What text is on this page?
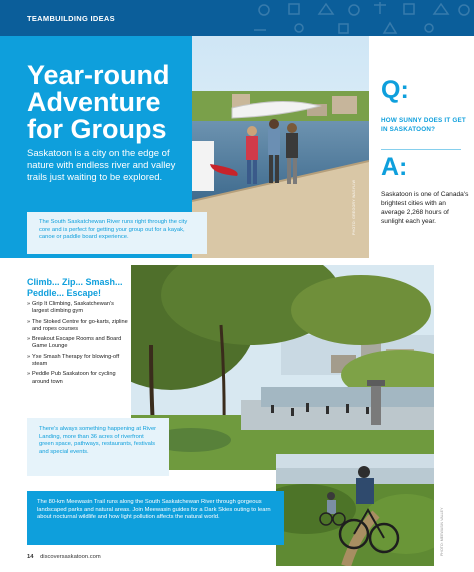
TEAMBUILDING IDEAS
Year-round
Adventure
for Groups

Saskatoon is a city on the edge of nature with endless river and valley trails just waiting to be explored.

PHOTO: GREGORY WASYLIW
Q:
HOW SUNNY DOES IT GET IN SASKATOON?
A:
Saskatoon is one of Canada's brightest cities with an average 2,268 hours of sunlight each year.

The South Saskatchewan River runs right through the city core and is perfect for getting your group out for a kayak, canoe or paddle board experience.

Climb... Zip... Smash... Peddle... Escape!
» Grip It Climbing, Saskatchewan's largest climbing gym
» The Stoked Centre for go-karts, zipline and ropes courses
» Breakout Escape Rooms and Board Game Lounge
» Yxe Smash Therapy for blowing-off steam
» Peddle Pub Saskatoon for cycling around town

There's always something happening at River Landing, more than 36 acres of riverfront green space, pathways, restaurants, festivals and special events.

PHOTO: MEEWASIN VALLEY

The 80-km Meewasin Trail runs along the South Saskatchewan River through gorgeous landscaped parks and natural areas. Join Meewasin guides for a Dark Skies outing to learn about nocturnal wildlife and how light pollution affects the natural world.

14 discoversaskatoon.com
